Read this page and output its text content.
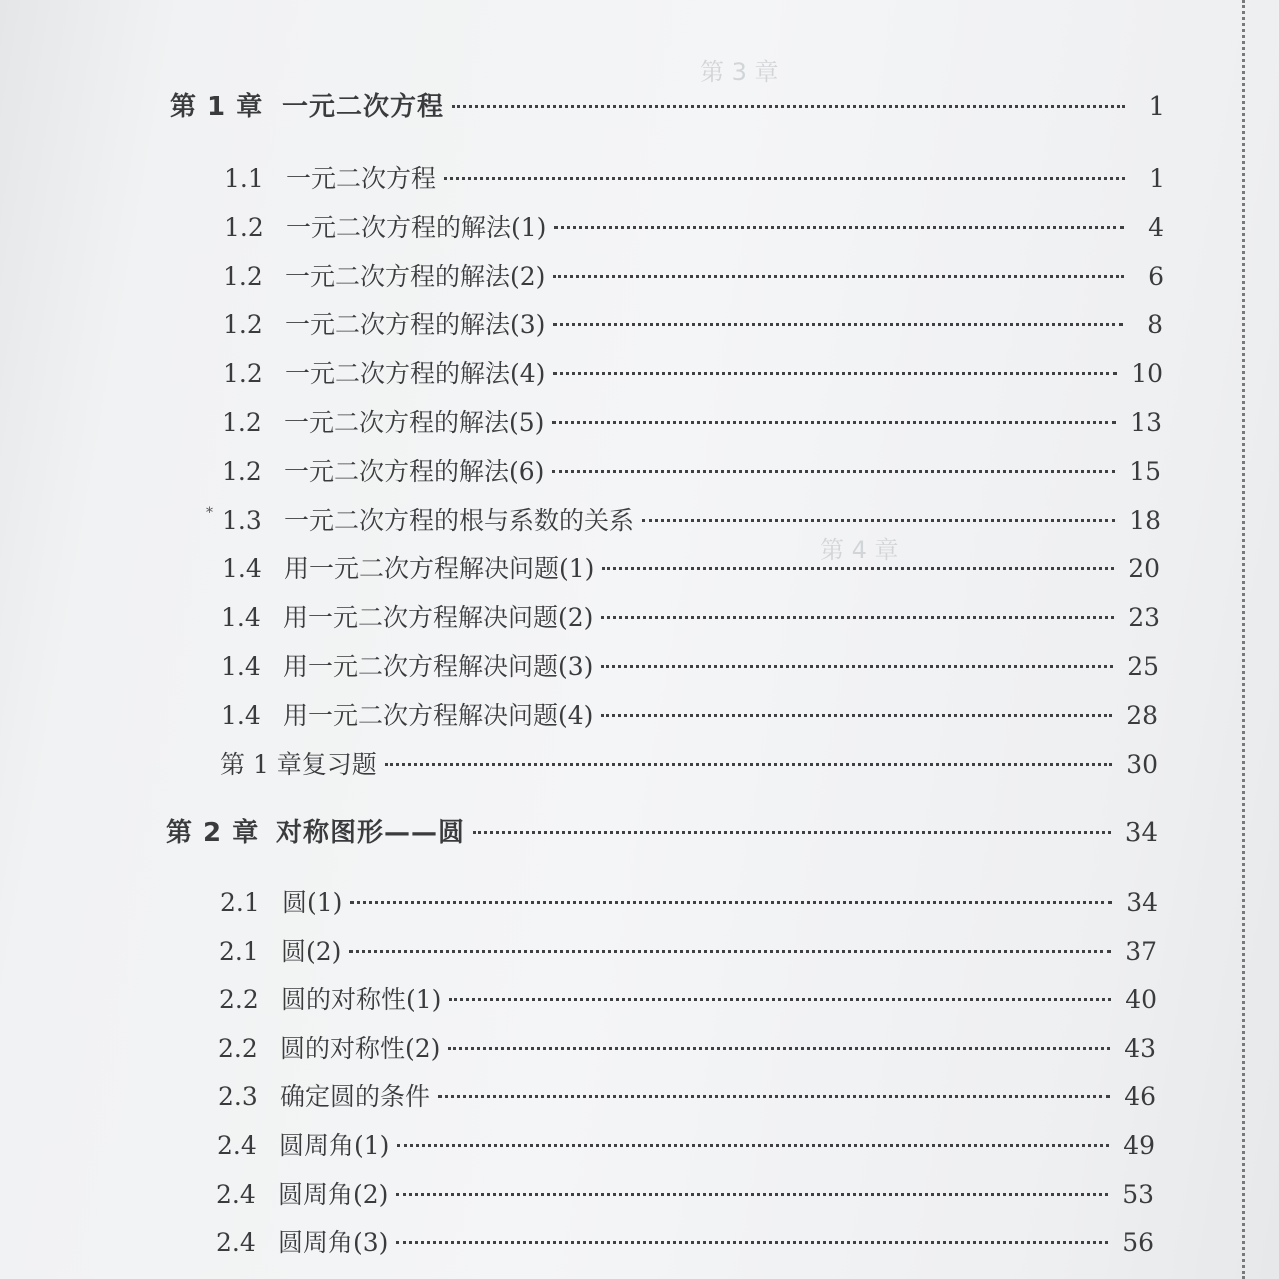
第 3 章
第 4 章

第 1 章 一元二次方程	1
1.1 一元二次方程	1
1.2 一元二次方程的解法(1)	4
1.2 一元二次方程的解法(2)	6
1.2 一元二次方程的解法(3)	8
1.2 一元二次方程的解法(4)	10
1.2 一元二次方程的解法(5)	13
1.2 一元二次方程的解法(6)	15
* 1.3 一元二次方程的根与系数的关系	18
1.4 用一元二次方程解决问题(1)	20
1.4 用一元二次方程解决问题(2)	23
1.4 用一元二次方程解决问题(3)	25
1.4 用一元二次方程解决问题(4)	28
第 1 章复习题	30
第 2 章 对称图形——圆	34
2.1 圆(1)	34
2.1 圆(2)	37
2.2 圆的对称性(1)	40
2.2 圆的对称性(2)	43
2.3 确定圆的条件	46
2.4 圆周角(1)	49
2.4 圆周角(2)	53
2.4 圆周角(3)	56
